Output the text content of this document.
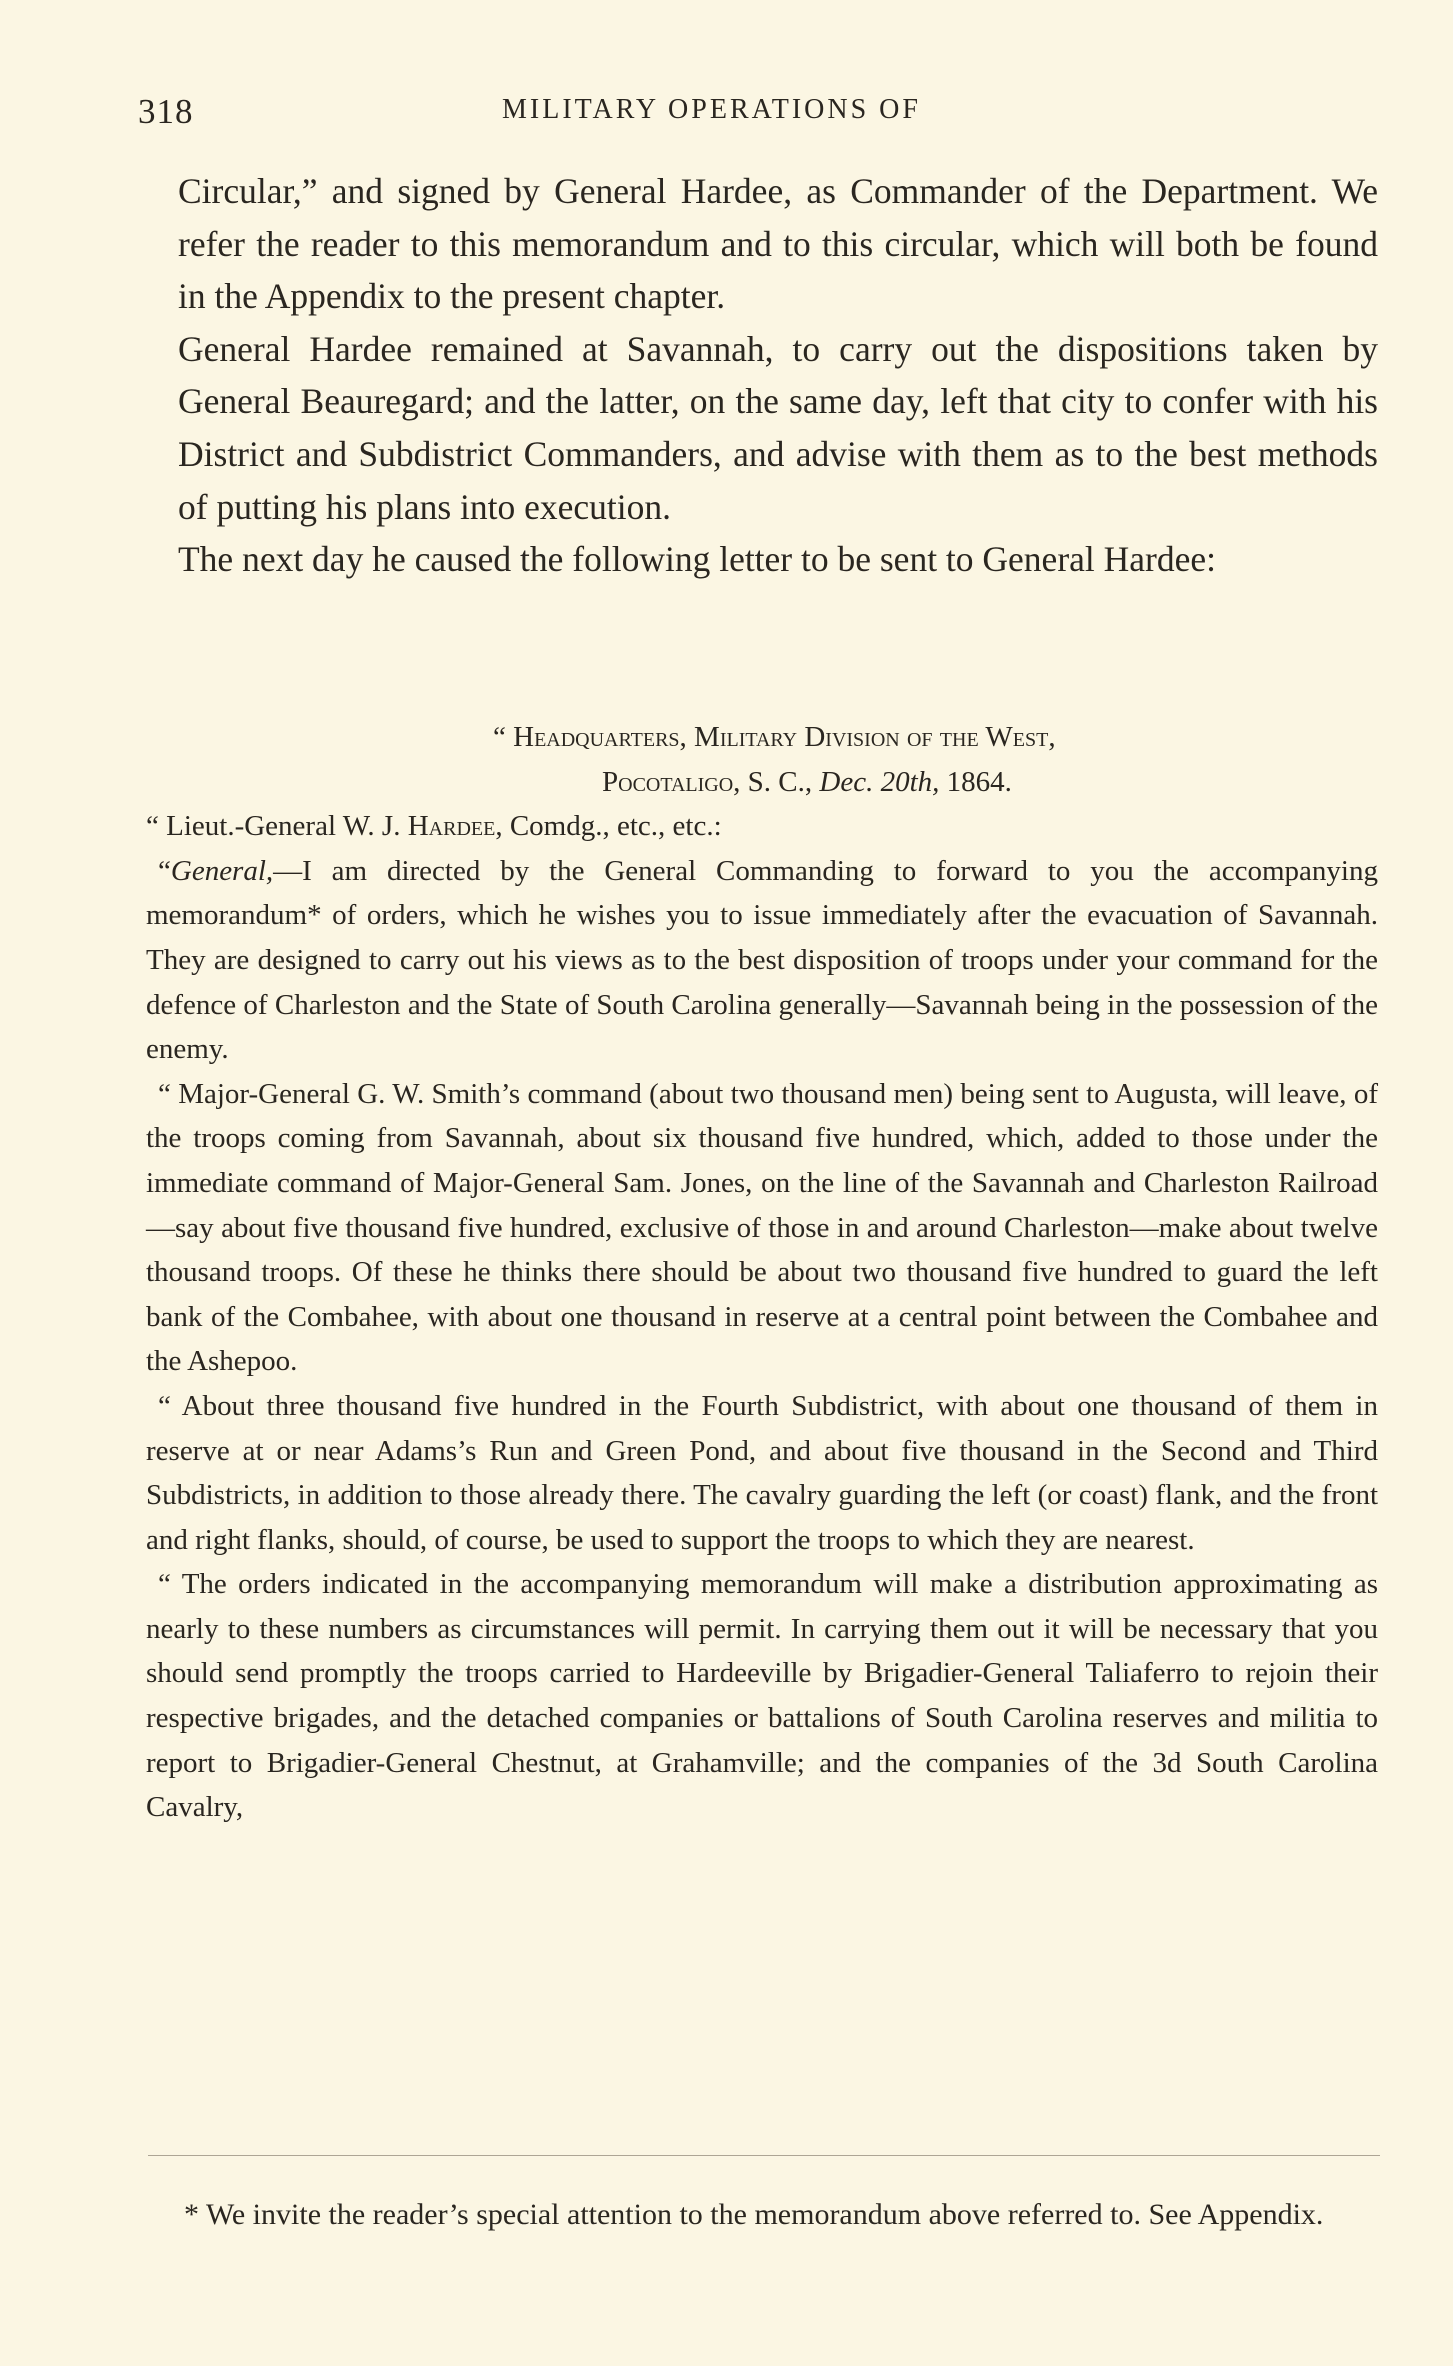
318	MILITARY OPERATIONS OF

Circular,” and signed by General Hardee, as Commander of the Department. We refer the reader to this memorandum and to this circular, which will both be found in the Appendix to the present chapter.

General Hardee remained at Savannah, to carry out the dispositions taken by General Beauregard; and the latter, on the same day, left that city to confer with his District and Subdistrict Commanders, and advise with them as to the best methods of putting his plans into execution.

The next day he caused the following letter to be sent to General Hardee:

“ Headquarters, Military Division of the West,

Pocotaligo, S. C., Dec. 20th, 1864.

“ Lieut.-General W. J. Hardee, Comdg., etc., etc.:

“General,—I am directed by the General Commanding to forward to you the accompanying memorandum* of orders, which he wishes you to issue immediately after the evacuation of Savannah. They are designed to carry out his views as to the best disposition of troops under your command for the defence of Charleston and the State of South Carolina generally—Savannah being in the possession of the enemy.

“ Major-General G. W. Smith’s command (about two thousand men) being sent to Augusta, will leave, of the troops coming from Savannah, about six thousand five hundred, which, added to those under the immediate command of Major-General Sam. Jones, on the line of the Savannah and Charleston Railroad—say about five thousand five hundred, exclusive of those in and around Charleston—make about twelve thousand troops. Of these he thinks there should be about two thousand five hundred to guard the left bank of the Combahee, with about one thousand in reserve at a central point between the Combahee and the Ashepoo.

“ About three thousand five hundred in the Fourth Subdistrict, with about one thousand of them in reserve at or near Adams’s Run and Green Pond, and about five thousand in the Second and Third Subdistricts, in addition to those already there. The cavalry guarding the left (or coast) flank, and the front and right flanks, should, of course, be used to support the troops to which they are nearest.

“ The orders indicated in the accompanying memorandum will make a distribution approximating as nearly to these numbers as circumstances will permit. In carrying them out it will be necessary that you should send promptly the troops carried to Hardeeville by Brigadier-General Taliaferro to rejoin their respective brigades, and the detached companies or battalions of South Carolina reserves and militia to report to Brigadier-General Chestnut, at Grahamville; and the companies of the 3d South Carolina Cavalry,

* We invite the reader’s special attention to the memorandum above referred to. See Appendix.
